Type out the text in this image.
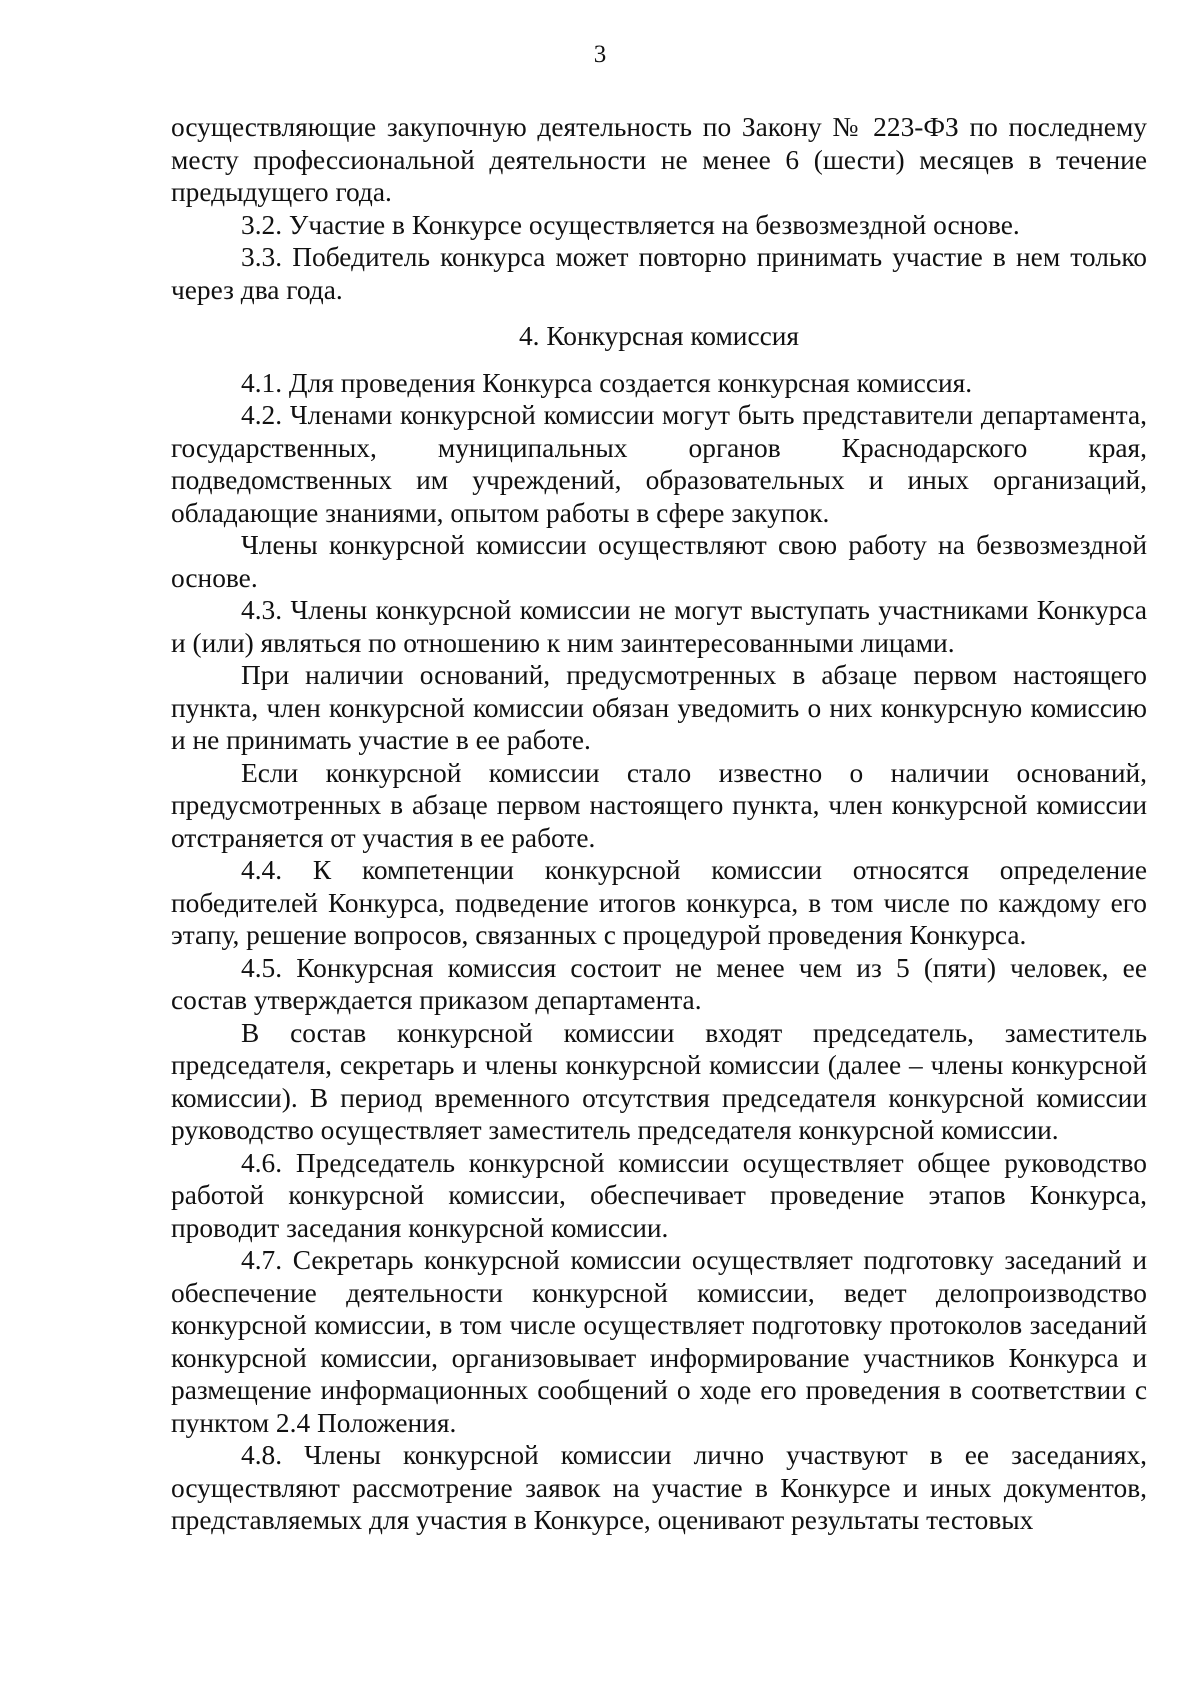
3

осуществляющие закупочную деятельность по Закону № 223-ФЗ по последнему месту профессиональной деятельности не менее 6 (шести) месяцев в течение предыдущего года.

3.2. Участие в Конкурсе осуществляется на безвозмездной основе.

3.3. Победитель конкурса может повторно принимать участие в нем только через два года.

4. Конкурсная комиссия

4.1. Для проведения Конкурса создается конкурсная комиссия.

4.2. Членами конкурсной комиссии могут быть представители департамента, государственных, муниципальных органов Краснодарского края, подведомственных им учреждений, образовательных и иных организаций, обладающие знаниями, опытом работы в сфере закупок.

Члены конкурсной комиссии осуществляют свою работу на безвозмездной основе.

4.3. Члены конкурсной комиссии не могут выступать участниками Конкурса и (или) являться по отношению к ним заинтересованными лицами.

При наличии оснований, предусмотренных в абзаце первом настоящего пункта, член конкурсной комиссии обязан уведомить о них конкурсную комиссию и не принимать участие в ее работе.

Если конкурсной комиссии стало известно о наличии оснований, предусмотренных в абзаце первом настоящего пункта, член конкурсной комиссии отстраняется от участия в ее работе.

4.4. К компетенции конкурсной комиссии относятся определение победителей Конкурса, подведение итогов конкурса, в том числе по каждому его этапу, решение вопросов, связанных с процедурой проведения Конкурса.

4.5. Конкурсная комиссия состоит не менее чем из 5 (пяти) человек, ее состав утверждается приказом департамента.

В состав конкурсной комиссии входят председатель, заместитель председателя, секретарь и члены конкурсной комиссии (далее – члены конкурсной комиссии). В период временного отсутствия председателя конкурсной комиссии руководство осуществляет заместитель председателя конкурсной комиссии.

4.6. Председатель конкурсной комиссии осуществляет общее руководство работой конкурсной комиссии, обеспечивает проведение этапов Конкурса, проводит заседания конкурсной комиссии.

4.7. Секретарь конкурсной комиссии осуществляет подготовку заседаний и обеспечение деятельности конкурсной комиссии, ведет делопроизводство конкурсной комиссии, в том числе осуществляет подготовку протоколов заседаний конкурсной комиссии, организовывает информирование участников Конкурса и размещение информационных сообщений о ходе его проведения в соответствии с пунктом 2.4 Положения.

4.8. Члены конкурсной комиссии лично участвуют в ее заседаниях, осуществляют рассмотрение заявок на участие в Конкурсе и иных документов, представляемых для участия в Конкурсе, оценивают результаты тестовых
